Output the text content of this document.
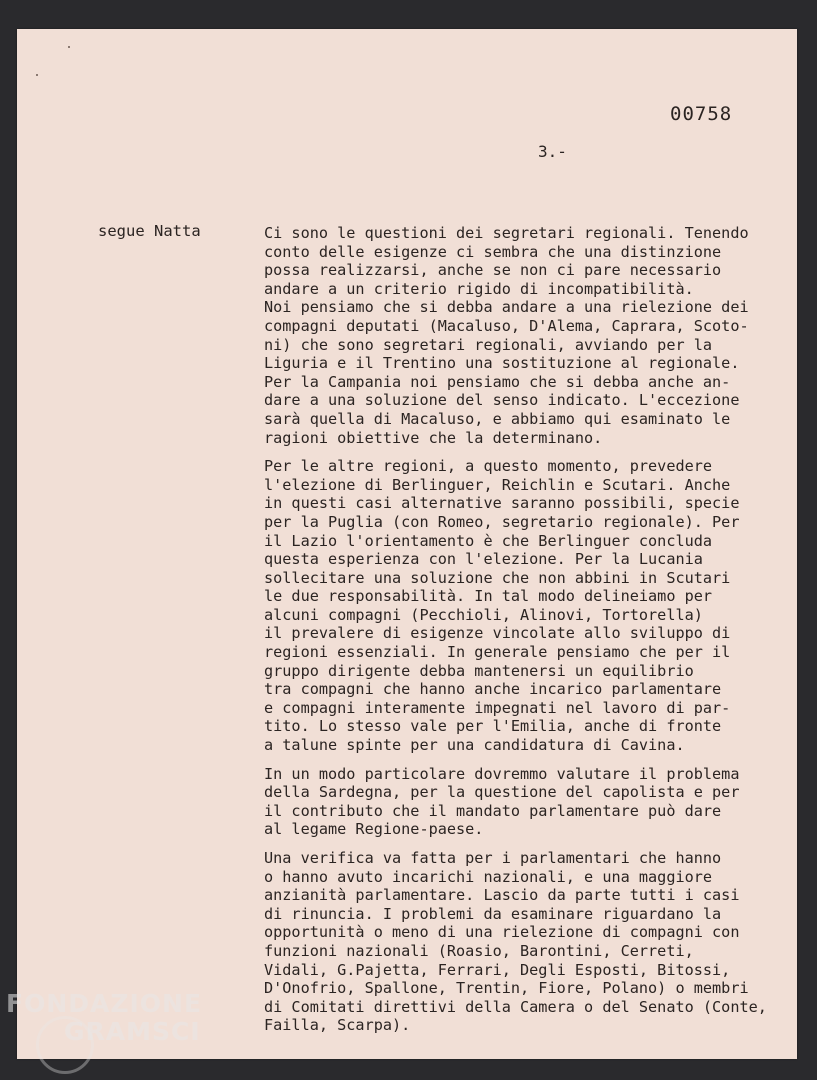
00758
3.-
segue Natta	Ci sono le questioni dei segretari regionali. Tenendo
conto delle esigenze ci sembra che una distinzione
possa realizzarsi, anche se non ci pare necessario
andare a un criterio rigido di incompatibilità.
Noi pensiamo che si debba andare a una rielezione dei
compagni deputati (Macaluso, D'Alema, Caprara, Scoto-
ni) che sono segretari regionali, avviando per la
Liguria e il Trentino una sostituzione al regionale.
Per la Campania noi pensiamo che si debba anche an-
dare a una soluzione del senso indicato. L'eccezione
sarà quella di Macaluso, e abbiamo qui esaminato le
ragioni obiettive che la determinano.
Per le altre regioni, a questo momento, prevedere
l'elezione di Berlinguer, Reichlin e Scutari. Anche
in questi casi alternative saranno possibili, specie
per la Puglia (con Romeo, segretario regionale). Per
il Lazio l'orientamento è che Berlinguer concluda
questa esperienza con l'elezione. Per la Lucania
sollecitare una soluzione che non abbini in Scutari
le due responsabilità. In tal modo delineiamo per
alcuni compagni (Pecchioli, Alinovi, Tortorella)
il prevalere di esigenze vincolate allo sviluppo di
regioni essenziali. In generale pensiamo che per il
gruppo dirigente debba mantenersi un equilibrio
tra compagni che hanno anche incarico parlamentare
e compagni interamente impegnati nel lavoro di par-
tito. Lo stesso vale per l'Emilia, anche di fronte
a talune spinte per una candidatura di Cavina.
In un modo particolare dovremmo valutare il problema
della Sardegna, per la questione del capolista e per
il contributo che il mandato parlamentare può dare
al legame Regione-paese.
Una verifica va fatta per i parlamentari che hanno
o hanno avuto incarichi nazionali, e una maggiore
anzianità parlamentare. Lascio da parte tutti i casi
di rinuncia. I problemi da esaminare riguardano la
opportunità o meno di una rielezione di compagni con
funzioni nazionali (Roasio, Barontini, Cerreti,
Vidali, G.Pajetta, Ferrari, Degli Esposti, Bitossi,
D'Onofrio, Spallone, Trentin, Fiore, Polano) o membri
di Comitati direttivi della Camera o del Senato (Conte,
Failla, Scarpa).
FONDAZIONE
GRAMSCI
